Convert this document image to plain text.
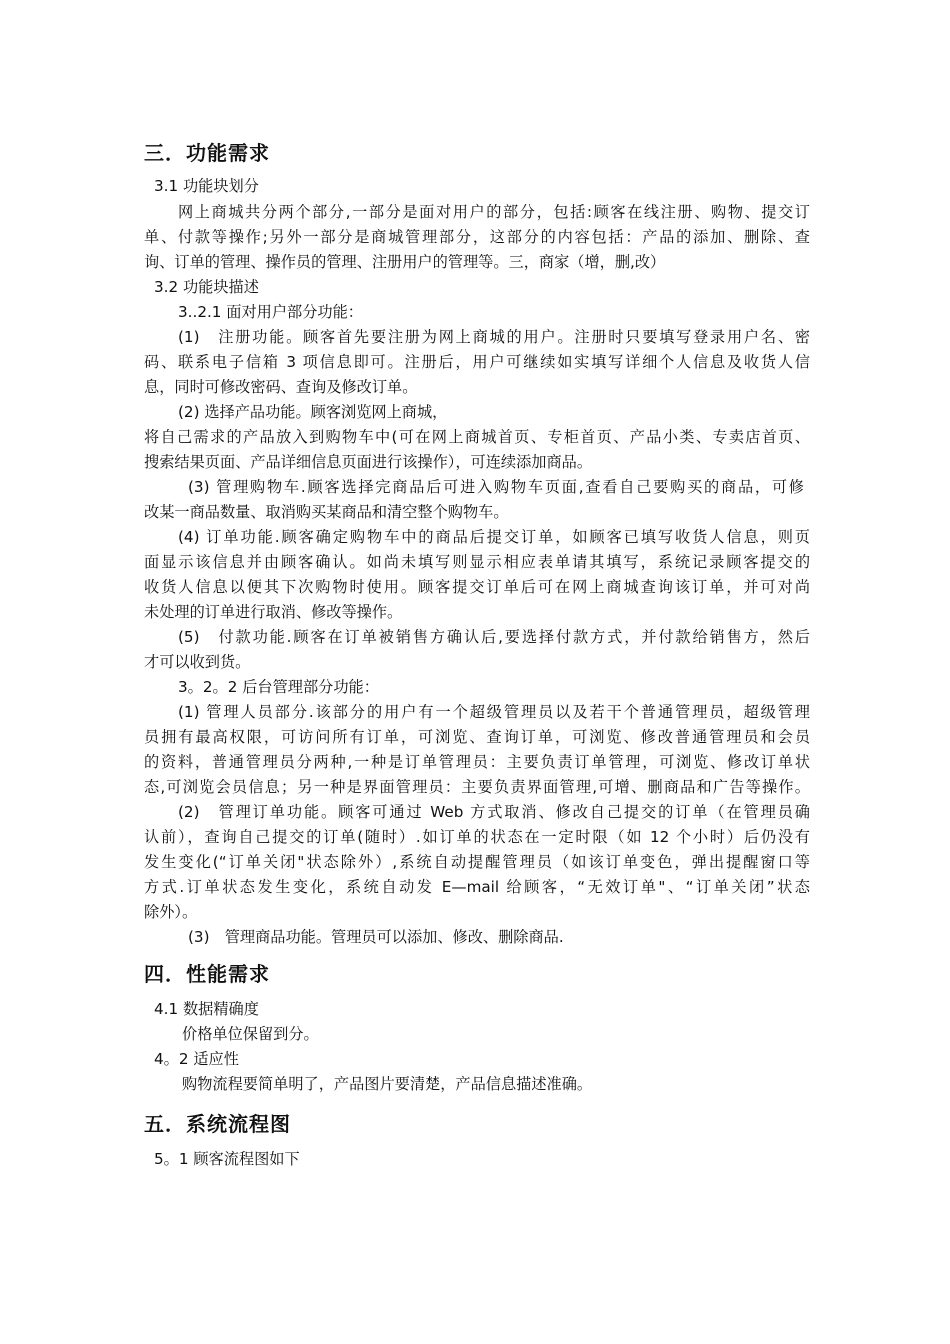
三．功能需求
3.1 功能块划分
网上商城共分两个部分,一部分是面对用户的部分，包括:顾客在线注册、购物、提交订
单、付款等操作;另外一部分是商城管理部分，这部分的内容包括：产品的添加、删除、查
询、订单的管理、操作员的管理、注册用户的管理等。三，商家（增，删,改）
3.2 功能块描述
3..2.1 面对用户部分功能：
(1)　注册功能。顾客首先要注册为网上商城的用户。注册时只要填写登录用户名、密
码、联系电子信箱 3 项信息即可。注册后，用户可继续如实填写详细个人信息及收货人信
息，同时可修改密码、查询及修改订单。
(2) 选择产品功能。顾客浏览网上商城，
将自己需求的产品放入到购物车中(可在网上商城首页、专柜首页、产品小类、专卖店首页、
搜索结果页面、产品详细信息页面进行该操作），可连续添加商品。
(3) 管理购物车.顾客选择完商品后可进入购物车页面,查看自己要购买的商品，可修
改某一商品数量、取消购买某商品和清空整个购物车。
(4) 订单功能.顾客确定购物车中的商品后提交订单，如顾客已填写收货人信息，则页
面显示该信息并由顾客确认。如尚未填写则显示相应表单请其填写，系统记录顾客提交的
收货人信息以便其下次购物时使用。顾客提交订单后可在网上商城查询该订单，并可对尚
未处理的订单进行取消、修改等操作。
(5)　付款功能.顾客在订单被销售方确认后,要选择付款方式，并付款给销售方，然后
才可以收到货。
3。2。2 后台管理部分功能：
(1) 管理人员部分.该部分的用户有一个超级管理员以及若干个普通管理员，超级管理
员拥有最高权限，可访问所有订单，可浏览、查询订单，可浏览、修改普通管理员和会员
的资料，普通管理员分两种,一种是订单管理员：主要负责订单管理，可浏览、修改订单状
态,可浏览会员信息；另一种是界面管理员：主要负责界面管理,可增、删商品和广告等操作。
(2)　管理订单功能。顾客可通过 Web 方式取消、修改自己提交的订单（在管理员确
认前），查询自己提交的订单(随时）.如订单的状态在一定时限（如 12 个小时）后仍没有
发生变化(“订单关闭"状态除外）,系统自动提醒管理员（如该订单变色，弹出提醒窗口等
方式.订单状态发生变化，系统自动发 E—mail 给顾客，“无效订单"、“订单关闭”状态
除外）。
(3)　管理商品功能。管理员可以添加、修改、删除商品.
四．性能需求
4.1 数据精确度
价格单位保留到分。
4。2 适应性
购物流程要简单明了，产品图片要清楚，产品信息描述准确。
五．系统流程图
5。1 顾客流程图如下
